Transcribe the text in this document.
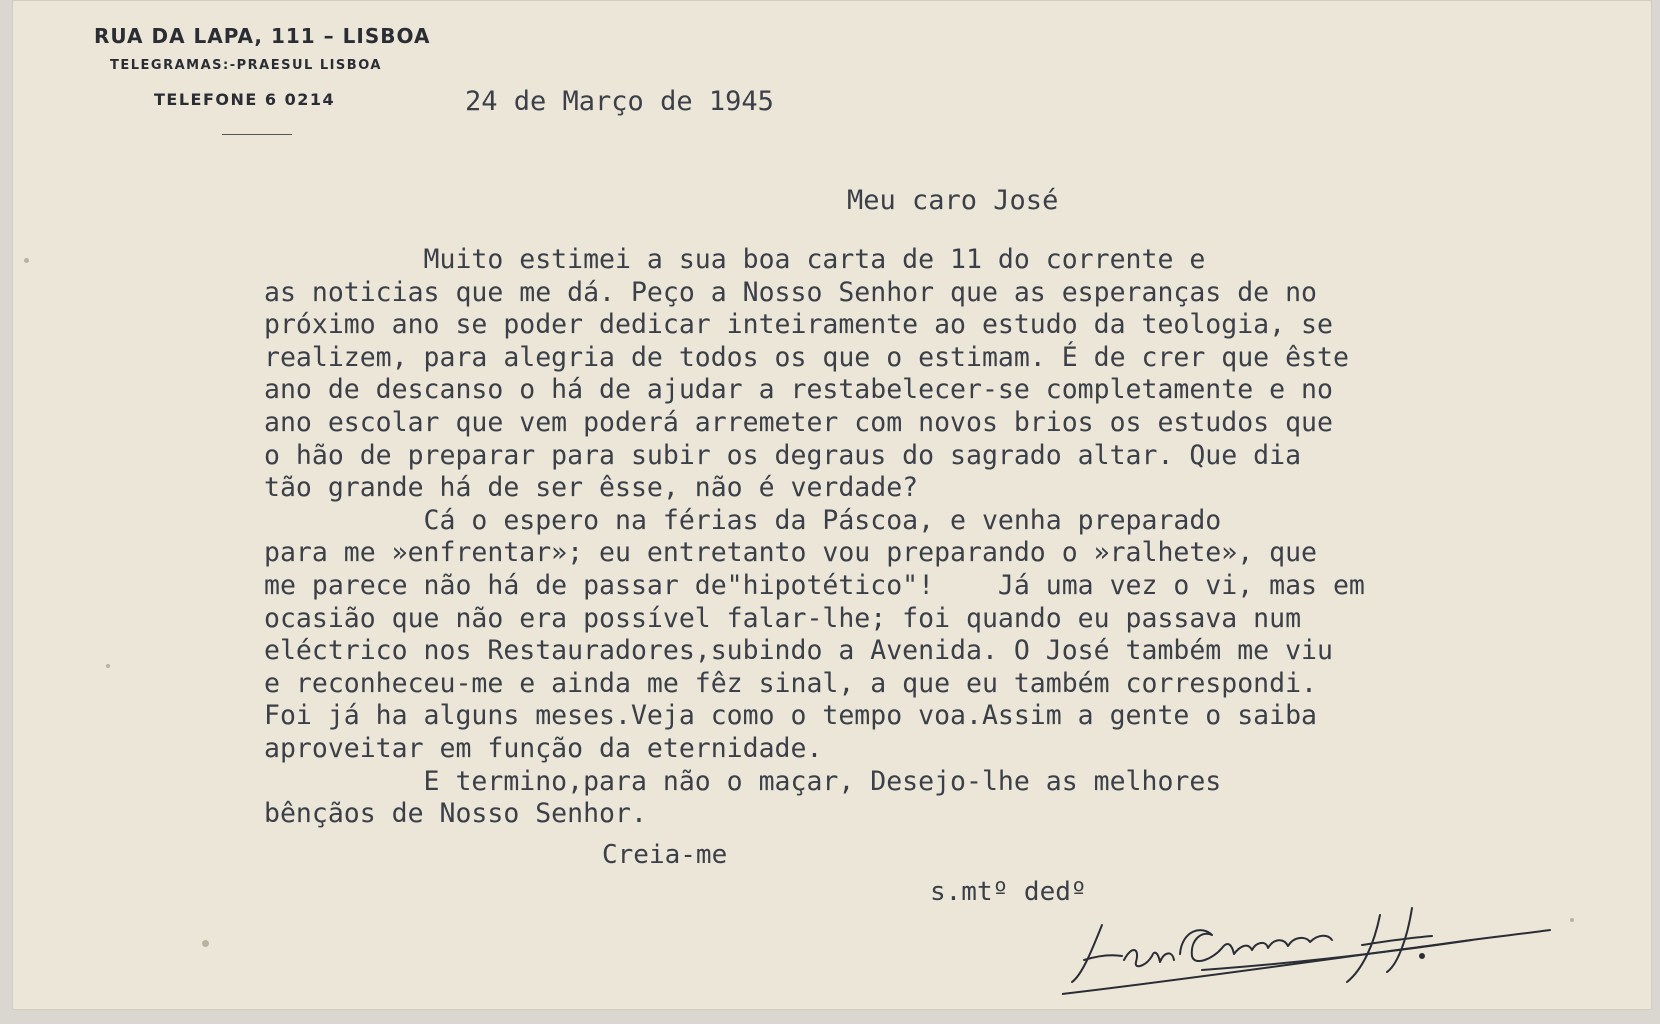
RUA DA LAPA, 111 – LISBOA
TELEGRAMAS:-PRAESUL LISBOA
TELEFONE 6 0214	24 de Março de 1945
Meu caro José
Muito estimei a sua boa carta de 11 do corrente e
as noticias que me dá. Peço a Nosso Senhor que as esperanças de no
próximo ano se poder dedicar inteiramente ao estudo da teologia, se
realizem, para alegria de todos os que o estimam. É de crer que êste
ano de descanso o há de ajudar a restabelecer-se completamente e no
ano escolar que vem poderá arremeter com novos brios os estudos que
o hão de preparar para subir os degraus do sagrado altar. Que dia
tão grande há de ser êsse, não é verdade?
Cá o espero na férias da Páscoa, e venha preparado
para me »enfrentar»; eu entretanto vou preparando o »ralhete», que
me parece não há de passar de"hipotético"!    Já uma vez o vi, mas em
ocasião que não era possível falar-lhe; foi quando eu passava num
eléctrico nos Restauradores,subindo a Avenida. O José também me viu
e reconheceu-me e ainda me fêz sinal, a que eu também correspondi.
Foi já ha alguns meses.Veja como o tempo voa.Assim a gente o saiba
aproveitar em função da eternidade.
E termino,para não o maçar, Desejo-lhe as melhores
bênçãos de Nosso Senhor.
Creia-me
s.mtº dedº
